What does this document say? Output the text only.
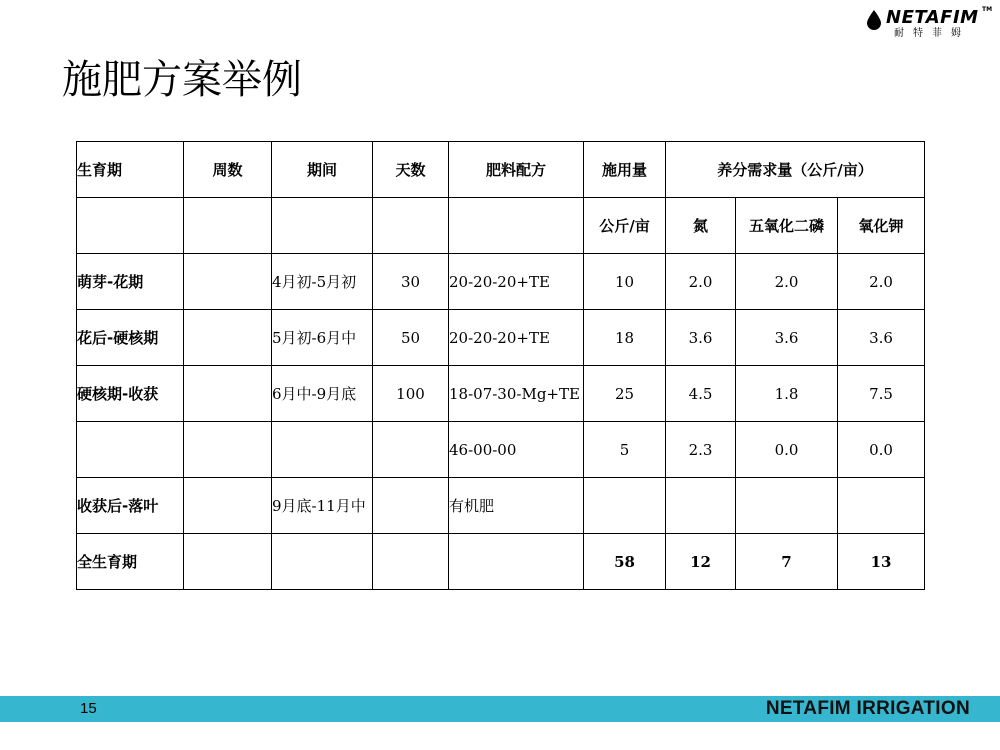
NETAFIM TM
耐特菲姆
施肥方案举例
生育期	周数	期间	天数	肥料配方	施用量	养分需求量（公斤/亩）		
					公斤/亩	氮	五氧化二磷	氧化钾
萌芽-花期		4月初-5月初	30	20-20-20+TE	10	2.0	2.0	2.0
花后-硬核期		5月初-6月中	50	20-20-20+TE	18	3.6	3.6	3.6
硬核期-收获		6月中-9月底	100	18-07-30-Mg+TE	25	4.5	1.8	7.5
				46-00-00	5	2.3	0.0	0.0
收获后-落叶		9月底-11月中		有机肥				
全生育期					58	12	7	13
15	NETAFIM IRRIGATION
